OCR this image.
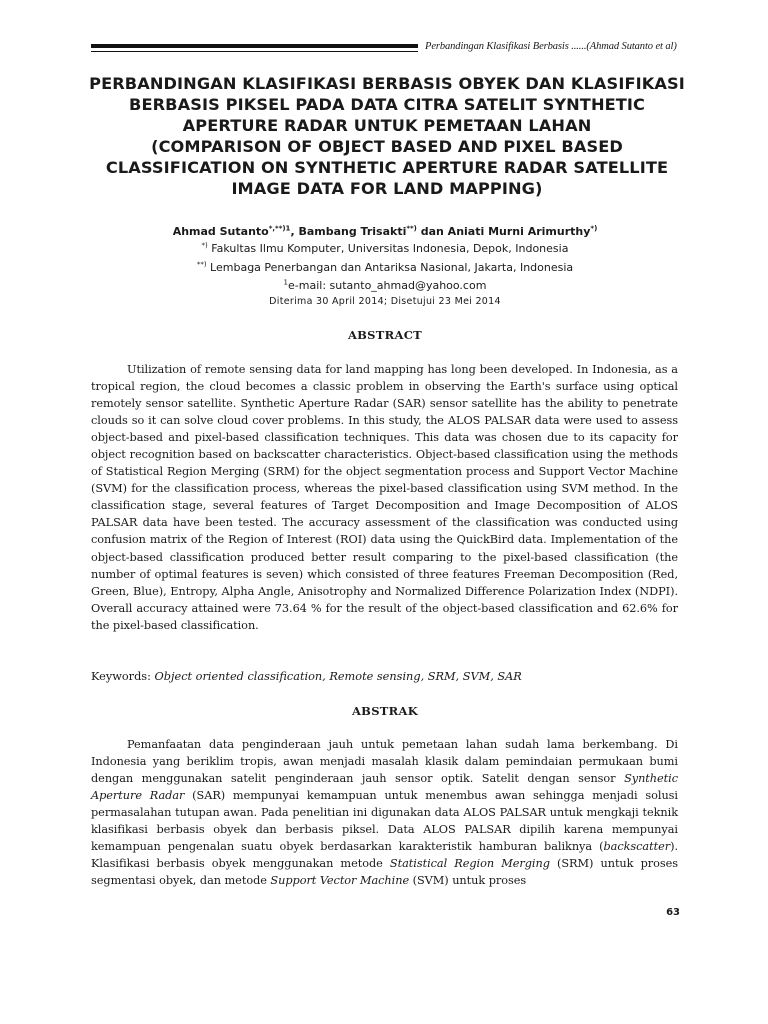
Perbandingan Klasifikasi Berbasis ......(Ahmad Sutanto et al)
PERBANDINGAN KLASIFIKASI BERBASIS OBYEK DAN KLASIFIKASI
BERBASIS PIKSEL PADA DATA CITRA SATELIT SYNTHETIC
APERTURE RADAR UNTUK PEMETAAN LAHAN
(COMPARISON OF OBJECT BASED AND PIXEL BASED
CLASSIFICATION ON SYNTHETIC APERTURE RADAR SATELLITE
IMAGE DATA FOR LAND MAPPING)
Ahmad Sutanto$^{*,**)1}$, Bambang Trisakti**) dan Aniati Murni Arimurthy*)
*) Fakultas Ilmu Komputer, Universitas Indonesia, Depok, Indonesia
**) Lembaga Penerbangan dan Antariksa Nasional, Jakarta, Indonesia
$^1$e-mail: sutanto_ahmad@yahoo.com
Diterima 30 April 2014; Disetujui 23 Mei 2014
ABSTRACT
Utilization of remote sensing data for land mapping has long been developed. In Indonesia, as a tropical region, the cloud becomes a classic problem in observing the Earth's surface using optical remotely sensor satellite. Synthetic Aperture Radar (SAR) sensor satellite has the ability to penetrate clouds so it can solve cloud cover problems. In this study, the ALOS PALSAR data were used to assess object-based and pixel-based classification techniques. This data was chosen due to its capacity for object recognition based on backscatter characteristics. Object-based classification using the methods of Statistical Region Merging (SRM) for the object segmentation process and Support Vector Machine (SVM) for the classification process, whereas the pixel-based classification using SVM method. In the classification stage, several features of Target Decomposition and Image Decomposition of ALOS PALSAR data have been tested. The accuracy assessment of the classification was conducted using confusion matrix of the Region of Interest (ROI) data using the QuickBird data. Implementation of the object-based classification produced better result comparing to the pixel-based classification (the number of optimal features is seven) which consisted of three features Freeman Decomposition (Red, Green, Blue), Entropy, Alpha Angle, Anisotrophy and Normalized Difference Polarization Index (NDPI). Overall accuracy attained were 73.64 % for the result of the object-based classification and 62.6% for the pixel-based classification.
Keywords: Object oriented classification, Remote sensing, SRM, SVM, SAR
ABSTRAK
Pemanfaatan data penginderaan jauh untuk pemetaan lahan sudah lama berkembang. Di Indonesia yang beriklim tropis, awan menjadi masalah klasik dalam pemindaian permukaan bumi dengan menggunakan satelit penginderaan jauh sensor optik. Satelit dengan sensor Synthetic Aperture Radar (SAR) mempunyai kemampuan untuk menembus awan sehingga menjadi solusi permasalahan tutupan awan. Pada penelitian ini digunakan data ALOS PALSAR untuk mengkaji teknik klasifikasi berbasis obyek dan berbasis piksel. Data ALOS PALSAR dipilih karena mempunyai kemampuan pengenalan suatu obyek berdasarkan karakteristik hamburan baliknya (backscatter). Klasifikasi berbasis obyek menggunakan metode Statistical Region Merging (SRM) untuk proses segmentasi obyek, dan metode Support Vector Machine (SVM) untuk proses
63
